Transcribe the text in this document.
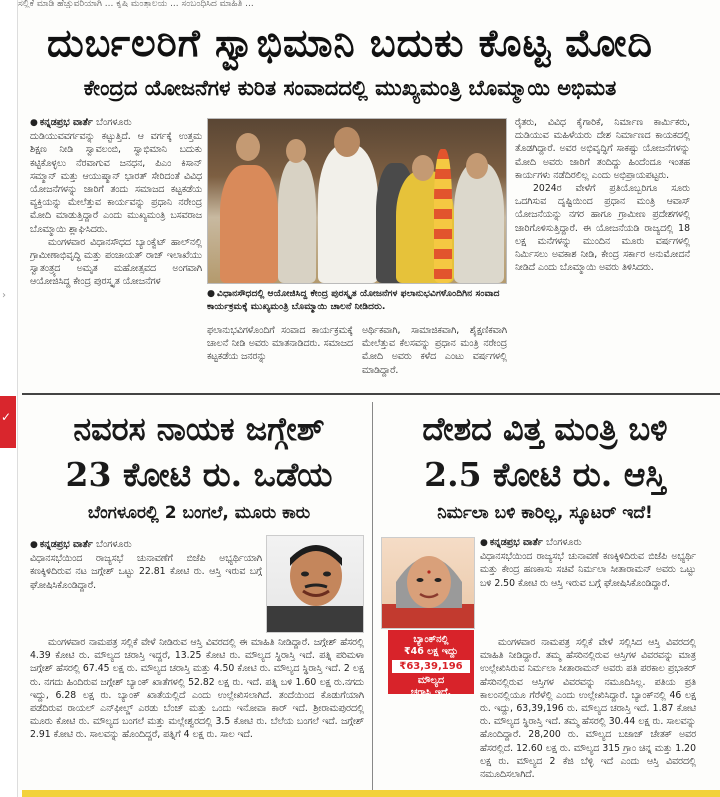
ಸಲ್ಲಿಕೆ ಮಾಡಿ ಹೆಚ್ಚುವರಿಯಾಗಿ ... ಕೃಷಿ ಮಂತ್ರಾಲಯ ... ಸಂಬಂಧಿಸಿದ ಮಾಹಿತಿ ...
›
✓
ದುರ್ಬಲರಿಗೆ ಸ್ವಾಭಿಮಾನಿ ಬದುಕು ಕೊಟ್ಟ ಮೋದಿ
ಕೇಂದ್ರದ ಯೋಜನೆಗಳ ಕುರಿತ ಸಂವಾದದಲ್ಲಿ ಮುಖ್ಯಮಂತ್ರಿ ಬೊಮ್ಮಾಯಿ ಅಭಿಮತ
● ಕನ್ನಡಪ್ರಭ ವಾರ್ತೆ ಬೆಂಗಳೂರು
ದುಡಿಯುವವರ್ಗವನ್ನು ಕಟ್ಟುತ್ತಿದೆ. ಆ ವರ್ಗಕ್ಕೆ ಉತ್ತಮ ಶಿಕ್ಷಣ ನೀಡಿ ಸ್ವಾವಲಂಬಿ, ಸ್ವಾಭಿಮಾನಿ ಬದುಕು ಕಟ್ಟಿಕೊಳ್ಳಲು ನೆರವಾಗುವ ಜನಧನ, ಪಿಎಂ ಕಿಸಾನ್ ಸಮ್ಮಾನ್ ಮತ್ತು ಆಯುಷ್ಮಾನ್ ಭಾರತ್ ಸೇರಿದಂತೆ ವಿವಿಧ ಯೋಜನೆಗಳನ್ನು ಜಾರಿಗೆ ತಂದು ಸಮಾಜದ ಕಟ್ಟಕಡೆಯ ವ್ಯಕ್ತಿಯನ್ನು ಮೇಲೆತ್ತುವ ಕಾರ್ಯವನ್ನು ಪ್ರಧಾನಿ ನರೇಂದ್ರ ಮೋದಿ ಮಾಡುತ್ತಿದ್ದಾರೆ ಎಂದು ಮುಖ್ಯಮಂತ್ರಿ ಬಸವರಾಜ ಬೊಮ್ಮಾಯಿ ಶ್ಲಾಘಿಸಿದರು.
ಮಂಗಳವಾರ ವಿಧಾನಸೌಧದ ಬ್ಯಾಂಕ್ವೆಟ್ ಹಾಲ್‌ನಲ್ಲಿ ಗ್ರಾಮೀಣಾಭಿವೃದ್ಧಿ ಮತ್ತು ಪಂಚಾಯತ್ ರಾಜ್ ಇಲಾಖೆಯು ಸ್ವಾತಂತ್ರ್ಯದ ಅಮೃತ ಮಹೋತ್ಸವದ ಅಂಗವಾಗಿ ಆಯೋಜಿಸಿದ್ದ ಕೇಂದ್ರ ಪುರಸ್ಕೃತ ಯೋಜನೆಗಳ
● ವಿಧಾನಸೌಧದಲ್ಲಿ ಆಯೋಜಿಸಿದ್ದ ಕೇಂದ್ರ ಪುರಸ್ಕೃತ ಯೋಜನೆಗಳ ಫಲಾನುಭವಿಗಳೊಂದಿಗಿನ ಸಂವಾದ ಕಾರ್ಯಕ್ರಮಕ್ಕೆ ಮುಖ್ಯಮಂತ್ರಿ ಬೊಮ್ಮಾಯಿ ಚಾಲನೆ ನೀಡಿದರು.
ಫಲಾನುಭವಿಗಳೊಂದಿಗೆ ಸಂವಾದ ಕಾರ್ಯಕ್ರಮಕ್ಕೆ ಚಾಲನೆ ನೀಡಿ ಅವರು ಮಾತನಾಡಿದರು. ಸಮಾಜದ ಕಟ್ಟಕಡೆಯ ಜನರನ್ನು
ಅರ್ಥಿಕವಾಗಿ, ಸಾಮಾಜಿಕವಾಗಿ, ಶೈಕ್ಷಣಿಕವಾಗಿ ಮೇಲೆತ್ತುವ ಕೆಲಸವನ್ನು ಪ್ರಧಾನ ಮಂತ್ರಿ ನರೇಂದ್ರ ಮೋದಿ ಅವರು ಕಳೆದ ಎಂಟು ವರ್ಷಗಳಲ್ಲಿ ಮಾಡಿದ್ದಾರೆ.
ರೈತರು, ವಿವಿಧ ಕೈಗಾರಿಕೆ, ನಿರ್ಮಾಣ ಕಾರ್ಮಿಕರು, ದುಡಿಯುವ ಮಹಿಳೆಯರು ದೇಶ ನಿರ್ಮಾಣದ ಕಾಯಕದಲ್ಲಿ ತೊಡಗಿದ್ದಾರೆ. ಅವರ ಅಭಿವೃದ್ಧಿಗೆ ಸಾಕಷ್ಟು ಯೋಜನೆಗಳನ್ನು ಮೋದಿ ಅವರು ಜಾರಿಗೆ ತಂದಿದ್ದು ಹಿಂದೆಂದೂ ಇಂತಹ ಕಾರ್ಯಗಳು ನಡೆದಿರಲಿಲ್ಲ ಎಂದು ಅಭಿಪ್ರಾಯಪಟ್ಟರು.
2024ರ ವೇಳೆಗೆ ಪ್ರತಿಯೊಬ್ಬರಿಗೂ ಸೂರು ಒದಗಿಸುವ ದೃಷ್ಟಿಯಿಂದ ಪ್ರಧಾನ ಮಂತ್ರಿ ಆವಾಸ್ ಯೋಜನೆಯನ್ನು ನಗರ ಹಾಗೂ ಗ್ರಾಮೀಣ ಪ್ರದೇಶಗಳಲ್ಲಿ ಜಾರಿಗೊಳಿಸುತ್ತಿದ್ದಾರೆ. ಈ ಯೋಜನೆಯಡಿ ರಾಜ್ಯದಲ್ಲಿ 18 ಲಕ್ಷ ಮನೆಗಳನ್ನು ಮುಂದಿನ ಮೂರು ವರ್ಷಗಳಲ್ಲಿ ನಿರ್ಮಿಸಲು ಅವಕಾಶ ನೀಡಿ, ಕೇಂದ್ರ ಸರ್ಕಾರ ಅನುಮೋದನೆ ನೀಡಿದೆ ಎಂದು ಬೊಮ್ಮಾಯಿ ಅವರು ತಿಳಿಸಿದರು.
ನವರಸ ನಾಯಕ ಜಗ್ಗೇಶ್
23 ಕೋಟಿ ರು. ಒಡೆಯ
ಬೆಂಗಳೂರಲ್ಲಿ 2 ಬಂಗಲೆ, ಮೂರು ಕಾರು
● ಕನ್ನಡಪ್ರಭ ವಾರ್ತೆ ಬೆಂಗಳೂರು
ವಿಧಾನಸಭೆಯಿಂದ ರಾಜ್ಯಸಭೆ ಚುನಾವಣೆಗೆ ಬಿಜೆಪಿ ಅಭ್ಯರ್ಥಿಯಾಗಿ ಕಣಕ್ಕಿಳಿದಿರುವ ನಟ ಜಗ್ಗೇಶ್ ಒಟ್ಟು 22.81 ಕೋಟಿ ರು. ಆಸ್ತಿ ಇರುವ ಬಗ್ಗೆ ಘೋಷಿಸಿಕೊಂಡಿದ್ದಾರೆ.
ಮಂಗಳವಾರ ನಾಮಪತ್ರ ಸಲ್ಲಿಕೆ ವೇಳೆ ನೀಡಿರುವ ಆಸ್ತಿ ವಿವರದಲ್ಲಿ ಈ ಮಾಹಿತಿ ನೀಡಿದ್ದಾರೆ. ಜಗ್ಗೇಶ್ ಹೆಸರಲ್ಲಿ 4.39 ಕೋಟಿ ರು. ಮೌಲ್ಯದ ಚರಾಸ್ತಿ ಇದ್ದರೆ, 13.25 ಕೋಟಿ ರು. ಮೌಲ್ಯದ ಸ್ಥಿರಾಸ್ತಿ ಇದೆ. ಪತ್ನಿ ಪರಿಮಳಾ ಜಗ್ಗೇಶ್ ಹೆಸರಲ್ಲಿ 67.45 ಲಕ್ಷ ರು. ಮೌಲ್ಯದ ಚರಾಸ್ತಿ ಮತ್ತು 4.50 ಕೋಟಿ ರು. ಮೌಲ್ಯದ ಸ್ಥಿರಾಸ್ತಿ ಇದೆ. 2 ಲಕ್ಷ ರು. ನಗದು ಹಿಂದಿರುವ ಜಗ್ಗೇಶ್ ಬ್ಯಾಂಕ್ ಖಾತೆಗಳಲ್ಲಿ 52.82 ಲಕ್ಷ ರು. ಇದೆ. ಪತ್ನಿ ಬಳಿ 1.60 ಲಕ್ಷ ರು.ನಗದು ಇದ್ದು, 6.28 ಲಕ್ಷ ರು. ಬ್ಯಾಂಕ್ ಖಾತೆಯಲ್ಲಿದೆ ಎಂದು ಉಲ್ಲೇಖಿಸಲಾಗಿದೆ. ತಂದೆಯಿಂದ ಕೊಡುಗೆಯಾಗಿ ಪಡೆದಿರುವ ರಾಯಲ್ ಎನ್‌ಫೀಲ್ಡ್ ಎರಡು ಬೆಂಜ್ ಮತ್ತು ಒಂದು ಇನೋವಾ ಕಾರ್ ಇದೆ. ಶ್ರೀರಾಮಪುರದಲ್ಲಿ ಮೂರು ಕೋಟಿ ರು. ಮೌಲ್ಯದ ಬಂಗಲೆ ಮತ್ತು ಮಲ್ಲೇಶ್ವರದಲ್ಲಿ 3.5 ಕೋಟಿ ರು. ಬೆಲೆಯ ಬಂಗಲೆ ಇದೆ. ಜಗ್ಗೇಶ್ 2.91 ಕೋಟಿ ರು. ಸಾಲವನ್ನು ಹೊಂದಿದ್ದರೆ, ಪತ್ನಿಗೆ 4 ಲಕ್ಷ ರು. ಸಾಲ ಇದೆ.
ದೇಶದ ವಿತ್ತ ಮಂತ್ರಿ ಬಳಿ
2.5 ಕೋಟಿ ರು. ಆಸ್ತಿ
ನಿರ್ಮಲಾ ಬಳಿ ಕಾರಿಲ್ಲ, ಸ್ಕೂಟರ್ ಇದೆ!
ಬ್ಯಾಂಕ್‌ನಲ್ಲಿ
₹46 ಲಕ್ಷ ಇದ್ದು
₹63,39,196
ಮೌಲ್ಯದ
ಚರಾಸ್ತಿ ಇದೆ.
● ಕನ್ನಡಪ್ರಭ ವಾರ್ತೆ ಬೆಂಗಳೂರು
ವಿಧಾನಸಭೆಯಿಂದ ರಾಜ್ಯಸಭೆ ಚುನಾವಣೆ ಕಣಕ್ಕಿಳಿದಿರುವ ಬಿಜೆಪಿ ಅಭ್ಯರ್ಥಿ ಮತ್ತು ಕೇಂದ್ರ ಹಣಕಾಸು ಸಚಿವೆ ನಿರ್ಮಲಾ ಸೀತಾರಾಮನ್ ಅವರು ಒಟ್ಟು ಬಳಿ 2.50 ಕೋಟಿ ರು ಆಸ್ತಿ ಇರುವ ಬಗ್ಗೆ ಘೋಷಿಸಿಕೊಂಡಿದ್ದಾರೆ.
ಮಂಗಳವಾರ ನಾಮಪತ್ರ ಸಲ್ಲಿಕೆ ವೇಳೆ ಸಲ್ಲಿಸಿದ ಆಸ್ತಿ ವಿವರದಲ್ಲಿ ಮಾಹಿತಿ ನೀಡಿದ್ದಾರೆ. ತಮ್ಮ ಹೆಸರಿನಲ್ಲಿರುವ ಆಸ್ತಿಗಳ ವಿವರವನ್ನು ಮಾತ್ರ ಉಲ್ಲೇಖಿಸಿರುವ ನಿರ್ಮಲಾ ಸೀತಾರಾಮನ್ ಅವರು ಪತಿ ಪರಕಾಲ ಪ್ರಭಾಕರ್ ಹೆಸರಿನಲ್ಲಿರುವ ಆಸ್ತಿಗಳ ವಿವರವನ್ನು ನಮೂದಿಸಿಲ್ಲ. ಪತಿಯ ಪ್ರತಿ ಕಾಲಂನಲ್ಲಿಯೂ ಗೆರೆಳೆಲ್ಲಿ ಎಂದು ಉಲ್ಲೇಖಿಸಿದ್ದಾರೆ. ಬ್ಯಾಂಕ್‌ನಲ್ಲಿ 46 ಲಕ್ಷ ರು. ಇದ್ದು, 63,39,196 ರು. ಮೌಲ್ಯದ ಚರಾಸ್ತಿ ಇದೆ. 1.87 ಕೋಟಿ ರು. ಮೌಲ್ಯದ ಸ್ಥಿರಾಸ್ತಿ ಇದೆ. ತಮ್ಮ ಹೆಸರಲ್ಲಿ 30.44 ಲಕ್ಷ ರು. ಸಾಲವನ್ನು ಹೊಂದಿದ್ದಾರೆ. 28,200 ರು. ಮೌಲ್ಯದ ಬಜಾಜ್ ಚೇತಕ್ ಅವರ ಹೆಸರಲ್ಲಿದೆ. 12.60 ಲಕ್ಷ ರು. ಮೌಲ್ಯದ 315 ಗ್ರಾಂ ಚಿನ್ನ ಮತ್ತು 1.20 ಲಕ್ಷ ರು. ಮೌಲ್ಯದ 2 ಕೆಜಿ ಬೆಳ್ಳಿ ಇದೆ ಎಂದು ಆಸ್ತಿ ವಿವರದಲ್ಲಿ ನಮೂದಿಸಲಾಗಿದೆ.
